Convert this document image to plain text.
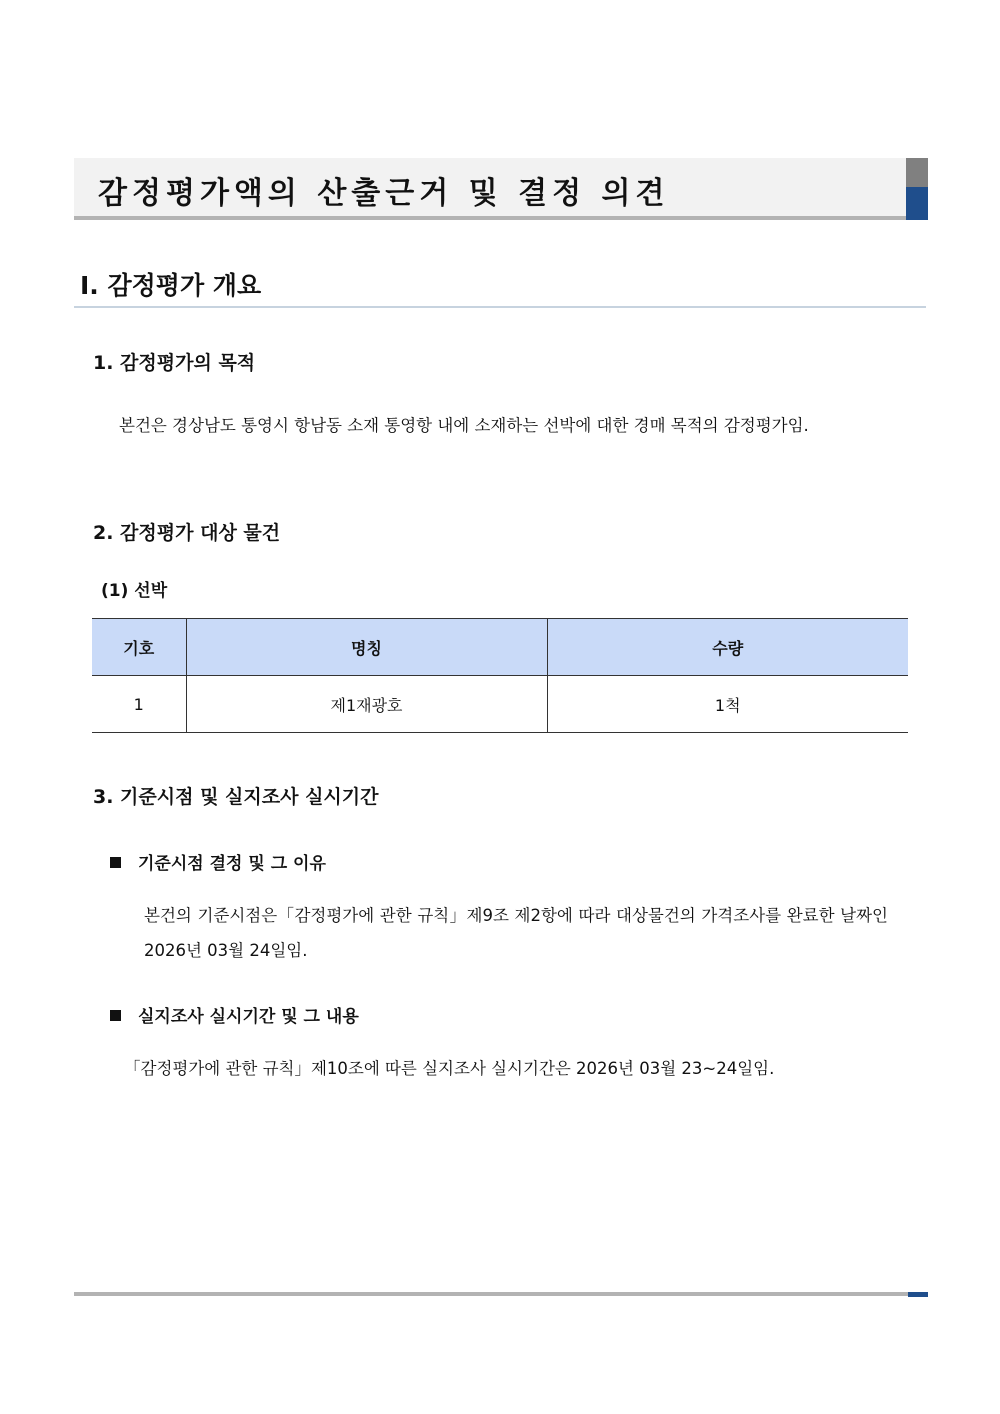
감정평가액의 산출근거 및 결정 의견
Ⅰ. 감정평가 개요
1. 감정평가의 목적
본건은 경상남도 통영시 항남동 소재 통영항 내에 소재하는 선박에 대한 경매 목적의 감정평가임.
2. 감정평가 대상 물건
(1) 선박
기호	명칭	수량
1	제1재광호	1척
3. 기준시점 및 실지조사 실시기간
기준시점 결정 및 그 이유
본건의 기준시점은「감정평가에 관한 규칙」제9조 제2항에 따라 대상물건의 가격조사를 완료한 날짜인 2026년 03월 24일임.
실지조사 실시기간 및 그 내용
「감정평가에 관한 규칙」제10조에 따른 실지조사 실시기간은 2026년 03월 23~24일임.
